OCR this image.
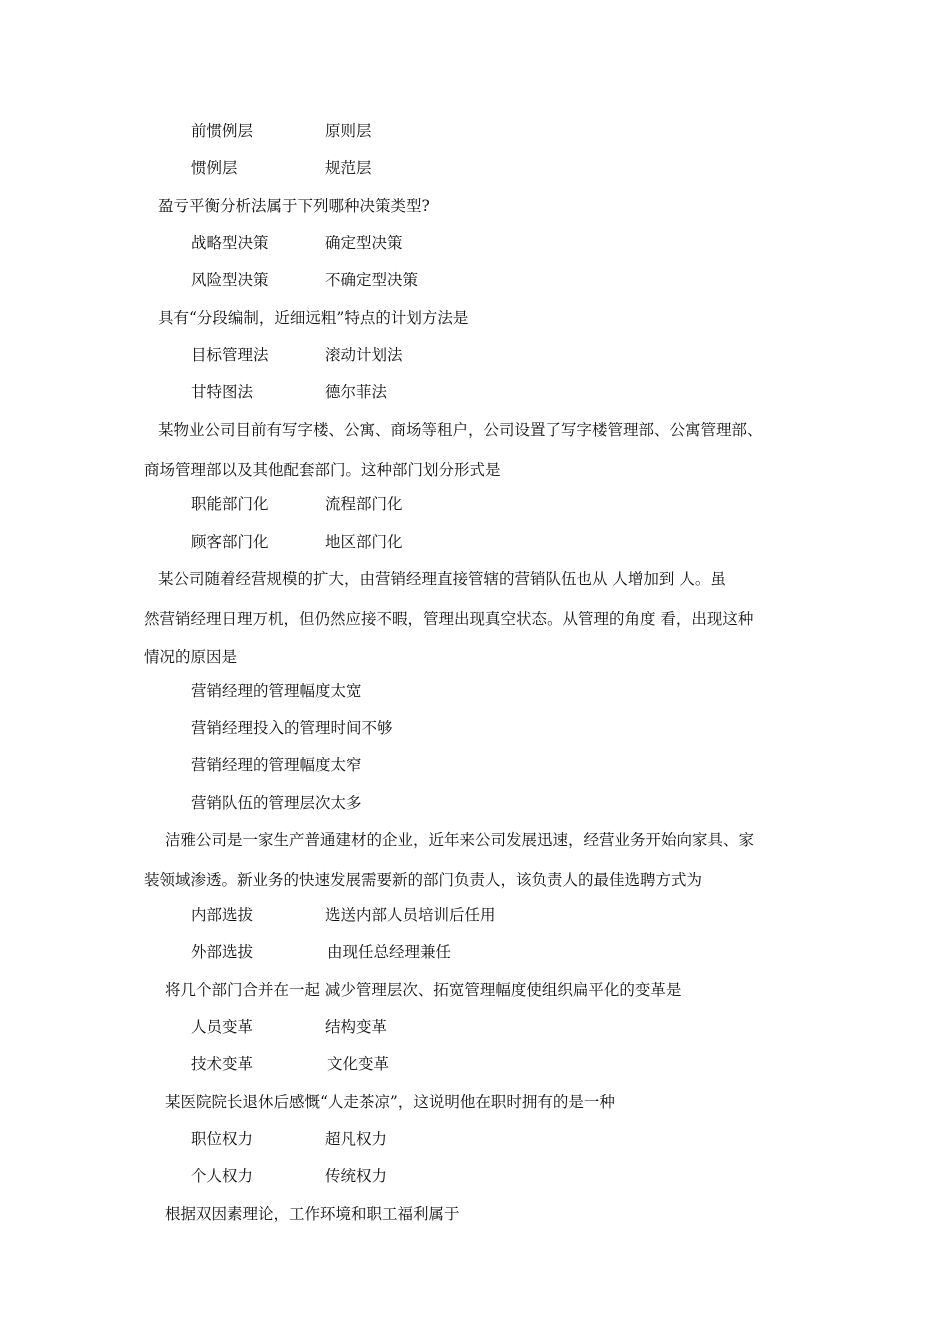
前惯例层	原则层

惯例层	规范层

盈亏平衡分析法属于下列哪种决策类型?

战略型决策	确定型决策

风险型决策	不确定型决策

具有“分段编制，近细远粗”特点的计划方法是

目标管理法	滚动计划法

甘特图法	德尔菲法

某物业公司目前有写字楼、公寓、商场等租户，公司设置了写字楼管理部、公寓管理部、

商场管理部以及其他配套部门。这种部门划分形式是

职能部门化	流程部门化

顾客部门化	地区部门化

某公司随着经营规模的扩大，由营销经理直接管辖的营销队伍也从 人增加到 人。虽

然营销经理日理万机，但仍然应接不暇，管理出现真空状态。从管理的角度 看，出现这种

情况的原因是

营销经理的管理幅度太宽

营销经理投入的管理时间不够

营销经理的管理幅度太窄

营销队伍的管理层次太多

洁雅公司是一家生产普通建材的企业，近年来公司发展迅速，经营业务开始向家具、家

装领域渗透。新业务的快速发展需要新的部门负责人，该负责人的最佳选聘方式为

内部选拔	选送内部人员培训后任用

外部选拔	由现任总经理兼任

将几个部门合并在一起 减少管理层次、拓宽管理幅度使组织扁平化的变革是

人员变革	结构变革

技术变革	文化变革

某医院院长退休后感慨“人走茶凉”，这说明他在职时拥有的是一种

职位权力	超凡权力

个人权力	传统权力

根据双因素理论，工作环境和职工福利属于
